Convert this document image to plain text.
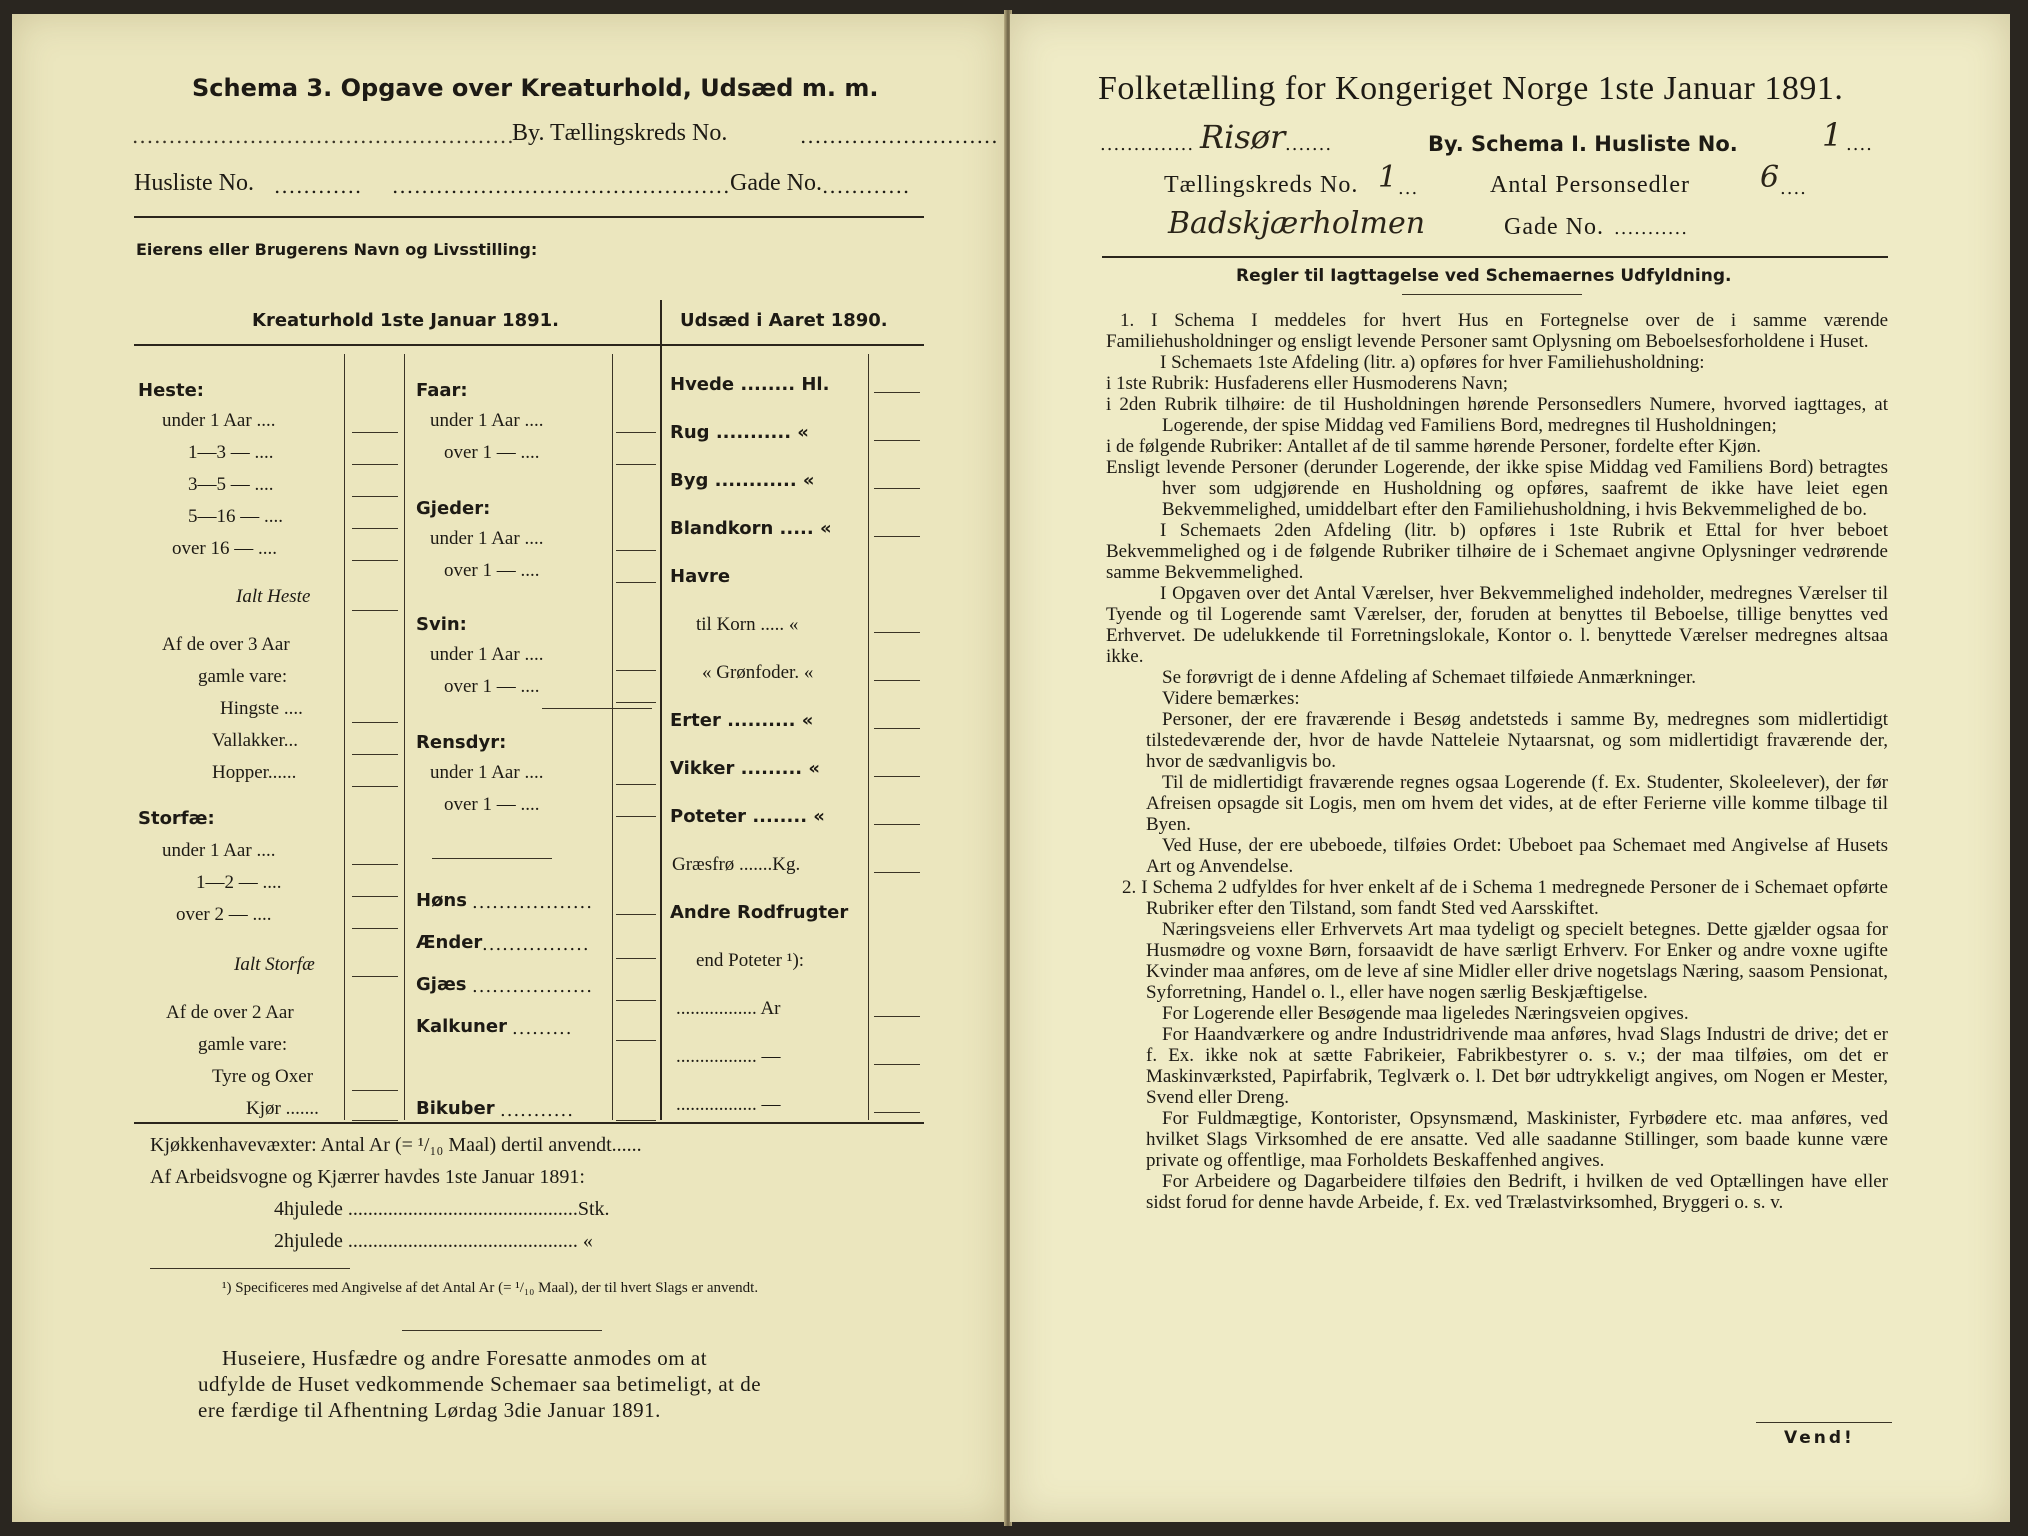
Schema 3. Opgave over Kreaturhold, Udsæd m. m.
....................................................
By. Tællingskreds No.	...........................
Husliste No. ............ .............................................. Gade No. ............
Eierens eller Brugerens Navn og Livsstilling:
Kreaturhold 1ste Januar 1891.	Udsæd i Aaret 1890.
Heste:
under 1 Aar ....
1—3 — ....
3—5 — ....
5—16 — ....
over 16 — ....
Ialt Heste
Af de over 3 Aar
gamle vare:
Hingste ....
Vallakker...
Hopper......
Storfæ:
under 1 Aar ....
1—2 — ....
over 2 — ....
Ialt Storfæ
Af de over 2 Aar
gamle vare:
Tyre og Oxer
Kjør .......
Faar:
under 1 Aar ....
over 1 — ....
Gjeder:
under 1 Aar ....
over 1 — ....
Svin:
under 1 Aar ....
over 1 — ....
Rensdyr:
under 1 Aar ....
over 1 — ....
Høns ..................
Ænder ................
Gjæs ..................
Kalkuner .........
Bikuber ...........
Hvede ........ Hl.
Rug ........... «
Byg ............ «
Blandkorn ..... «
Havre
til Korn ..... «
« Grønfoder. «
Erter .......... «
Vikker ......... «
Poteter ........ «
Græsfrø .......Kg.
Andre Rodfrugter
end Poteter ¹):
................. Ar
................. —
................. —
Kjøkkenhavevæxter: Antal Ar (= ¹/₁₀ Maal) dertil anvendt......
Af Arbeidsvogne og Kjærrer havdes 1ste Januar 1891:
4hjulede ..............................................Stk.
2hjulede .............................................. «
¹) Specificeres med Angivelse af det Antal Ar (= ¹/₁₀ Maal), der til hvert Slags er anvendt.
Huseiere, Husfædre og andre Foresatte anmodes om at
udfylde de Huset vedkommende Schemaer saa betimeligt, at de
ere færdige til Afhentning Lørdag 3die Januar 1891.
Folketælling for Kongeriget Norge 1ste Januar 1891.
.............. Risør .......	By. Schema I. Husliste No.	1 ....
Tællingskreds No. 1 ...	Antal Personsedler 6 ....
Badskjærholmen	Gade No. ...........
Regler til Iagttagelse ved Schemaernes Udfyldning.
1. I Schema I meddeles for hvert Hus en Fortegnelse over de i samme værende Familiehusholdninger og ensligt levende Personer samt Oplysning om Beboelsesforholdene i Huset.
I Schemaets 1ste Afdeling (litr. a) opføres for hver Familiehusholdning:
i 1ste Rubrik: Husfaderens eller Husmoderens Navn;
i 2den Rubrik tilhøire: de til Husholdningen hørende Personsedlers Numere, hvorved iagttages, at Logerende, der spise Middag ved Familiens Bord, medregnes til Husholdningen;
i de følgende Rubriker: Antallet af de til samme hørende Personer, fordelte efter Kjøn.
Ensligt levende Personer (derunder Logerende, der ikke spise Middag ved Familiens Bord) betragtes hver som udgjørende en Husholdning og opføres, saafremt de ikke have leiet egen Bekvemmelighed, umiddelbart efter den Familiehusholdning, i hvis Bekvemmelighed de bo.
I Schemaets 2den Afdeling (litr. b) opføres i 1ste Rubrik et Ettal for hver beboet Bekvemmelighed og i de følgende Rubriker tilhøire de i Schemaet angivne Oplysninger vedrørende samme Bekvemmelighed.
I Opgaven over det Antal Værelser, hver Bekvemmelighed indeholder, medregnes Værelser til Tyende og til Logerende samt Værelser, der, foruden at benyttes til Beboelse, tillige benyttes ved Erhvervet. De udelukkende til Forretningslokale, Kontor o. l. benyttede Værelser medregnes altsaa ikke.
Se forøvrigt de i denne Afdeling af Schemaet tilføiede Anmærkninger.
Videre bemærkes:
Personer, der ere fraværende i Besøg andetsteds i samme By, medregnes som midlertidigt tilstedeværende der, hvor de havde Natteleie Nytaarsnat, og som midlertidigt fraværende der, hvor de sædvanligvis bo.
Til de midlertidigt fraværende regnes ogsaa Logerende (f. Ex. Studenter, Skoleelever), der før Afreisen opsagde sit Logis, men om hvem det vides, at de efter Ferierne ville komme tilbage til Byen.
Ved Huse, der ere ubeboede, tilføies Ordet: Ubeboet paa Schemaet med Angivelse af Husets Art og Anvendelse.
2. I Schema 2 udfyldes for hver enkelt af de i Schema 1 medregnede Personer de i Schemaet opførte Rubriker efter den Tilstand, som fandt Sted ved Aarsskiftet.
Næringsveiens eller Erhvervets Art maa tydeligt og specielt betegnes. Dette gjælder ogsaa for Husmødre og voxne Børn, forsaavidt de have særligt Erhverv. For Enker og andre voxne ugifte Kvinder maa anføres, om de leve af sine Midler eller drive nogetslags Næring, saasom Pensionat, Syforretning, Handel o. l., eller have nogen særlig Beskjæftigelse.
For Logerende eller Besøgende maa ligeledes Næringsveien opgives.
For Haandværkere og andre Industridrivende maa anføres, hvad Slags Industri de drive; det er f. Ex. ikke nok at sætte Fabrikeier, Fabrikbestyrer o. s. v.; der maa tilføies, om det er Maskinværksted, Papirfabrik, Teglværk o. l. Det bør udtrykkeligt angives, om Nogen er Mester, Svend eller Dreng.
For Fuldmægtige, Kontorister, Opsynsmænd, Maskinister, Fyrbødere etc. maa anføres, ved hvilket Slags Virksomhed de ere ansatte. Ved alle saadanne Stillinger, som baade kunne være private og offentlige, maa Forholdets Beskaffenhed angives.
For Arbeidere og Dagarbeidere tilføies den Bedrift, i hvilken de ved Optællingen have eller sidst forud for denne havde Arbeide, f. Ex. ved Trælastvirksomhed, Bryggeri o. s. v.
Vend!
